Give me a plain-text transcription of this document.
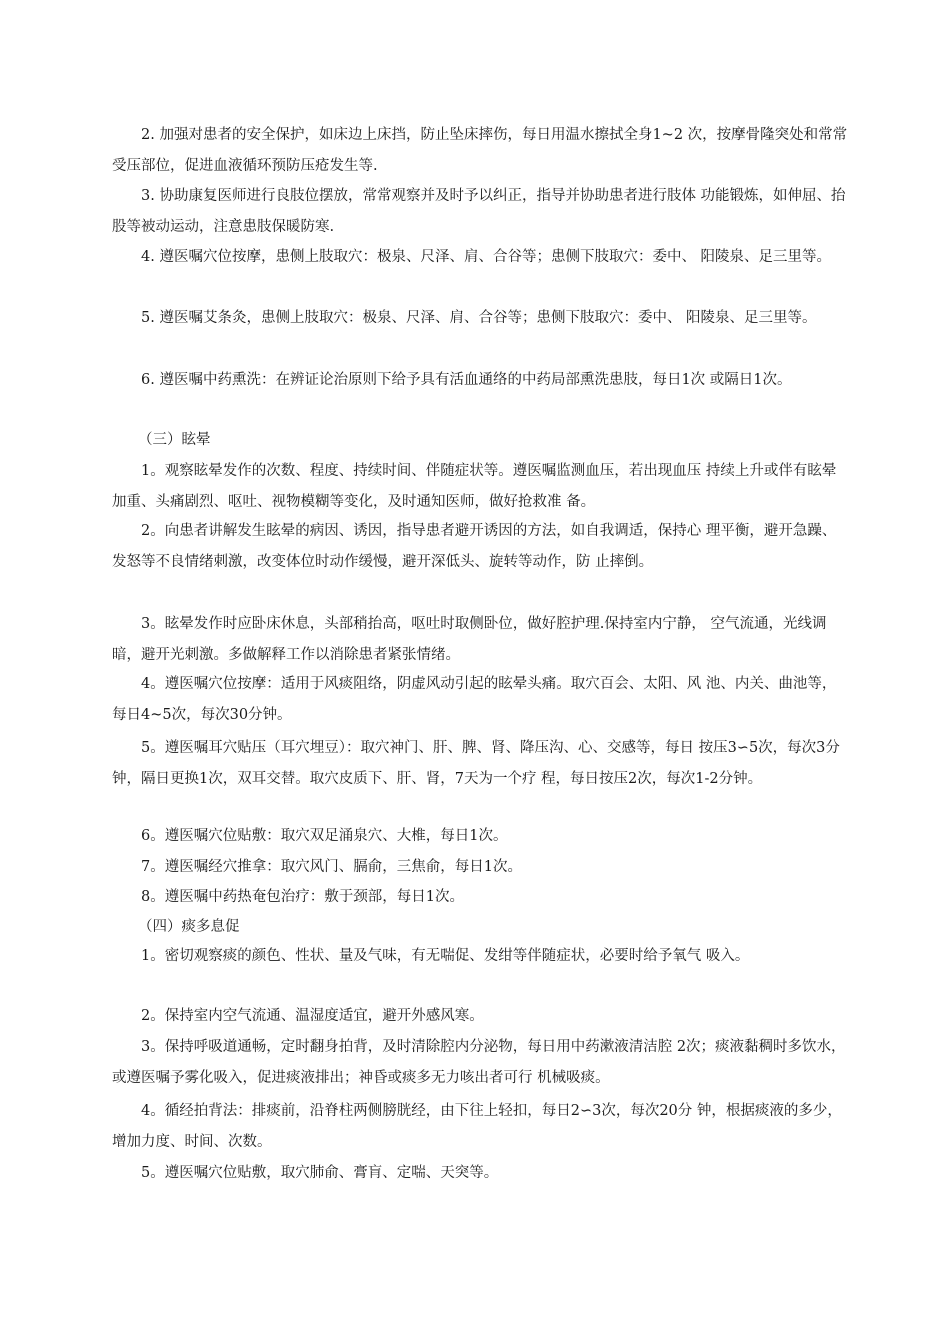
2. 加强对患者的安全保护，如床边上床挡，防止坠床摔伤，每日用温水擦拭全身1~2 次，按摩骨隆突处和常常受压部位，促进血液循环预防压疮发生等.

3. 协助康复医师进行良肢位摆放，常常观察并及时予以纠正，指导并协助患者进行肢体 功能锻炼，如伸屈、抬股等被动运动，注意患肢保暖防寒.

4. 遵医嘱穴位按摩，患侧上肢取穴：极泉、尺泽、肩、合谷等；患侧下肢取穴：委中、 阳陵泉、足三里等。

5. 遵医嘱艾条灸，患侧上肢取穴：极泉、尺泽、肩、合谷等；患侧下肢取穴：委中、 阳陵泉、足三里等。

6. 遵医嘱中药熏洗：在辨证论治原则下给予具有活血通络的中药局部熏洗患肢，每日1次 或隔日1次。

（三）眩晕

1。观察眩晕发作的次数、程度、持续时间、伴随症状等。遵医嘱监测血压，若出现血压 持续上升或伴有眩晕加重、头痛剧烈、呕吐、视物模糊等变化，及时通知医师，做好抢救准 备。

2。向患者讲解发生眩晕的病因、诱因，指导患者避开诱因的方法，如自我调适，保持心 理平衡，避开急躁、发怒等不良情绪刺激，改变体位时动作缓慢，避开深低头、旋转等动作，防 止摔倒。

3。眩晕发作时应卧床休息，头部稍抬高，呕吐时取侧卧位，做好腔护理.保持室内宁静， 空气流通，光线调暗，避开光刺激。多做解释工作以消除患者紧张情绪。

4。遵医嘱穴位按摩：适用于风痰阻络，阴虚风动引起的眩晕头痛。取穴百会、太阳、风 池、内关、曲池等，每日4~5次，每次30分钟。

5。遵医嘱耳穴贴压（耳穴埋豆）：取穴神门、肝、脾、肾、降压沟、心、交感等，每日 按压3∽5次，每次3分钟，隔日更换1次，双耳交替。取穴皮质下、肝、肾，7天为一个疗 程，每日按压2次，每次1-2分钟。

6。遵医嘱穴位贴敷：取穴双足涌泉穴、大椎，每日1次。

7。遵医嘱经穴推拿：取穴风门、膈俞，三焦俞，每日1次。

8。遵医嘱中药热奄包治疗：敷于颈部，每日1次。

（四）痰多息促

1。密切观察痰的颜色、性状、量及气味，有无喘促、发绀等伴随症状，必要时给予氧气 吸入。

2。保持室内空气流通、温湿度适宜，避开外感风寒。

3。保持呼吸道通畅，定时翻身拍背，及时清除腔内分泌物，每日用中药漱液清洁腔 2次；痰液黏稠时多饮水，或遵医嘱予雾化吸入，促进痰液排出；神昏或痰多无力咳出者可行 机械吸痰。

4。循经拍背法：排痰前，沿脊柱两侧膀胱经，由下往上轻扣，每日2∽3次，每次20分 钟，根据痰液的多少，增加力度、时间、次数。

5。遵医嘱穴位贴敷，取穴肺俞、膏肓、定喘、天突等。
